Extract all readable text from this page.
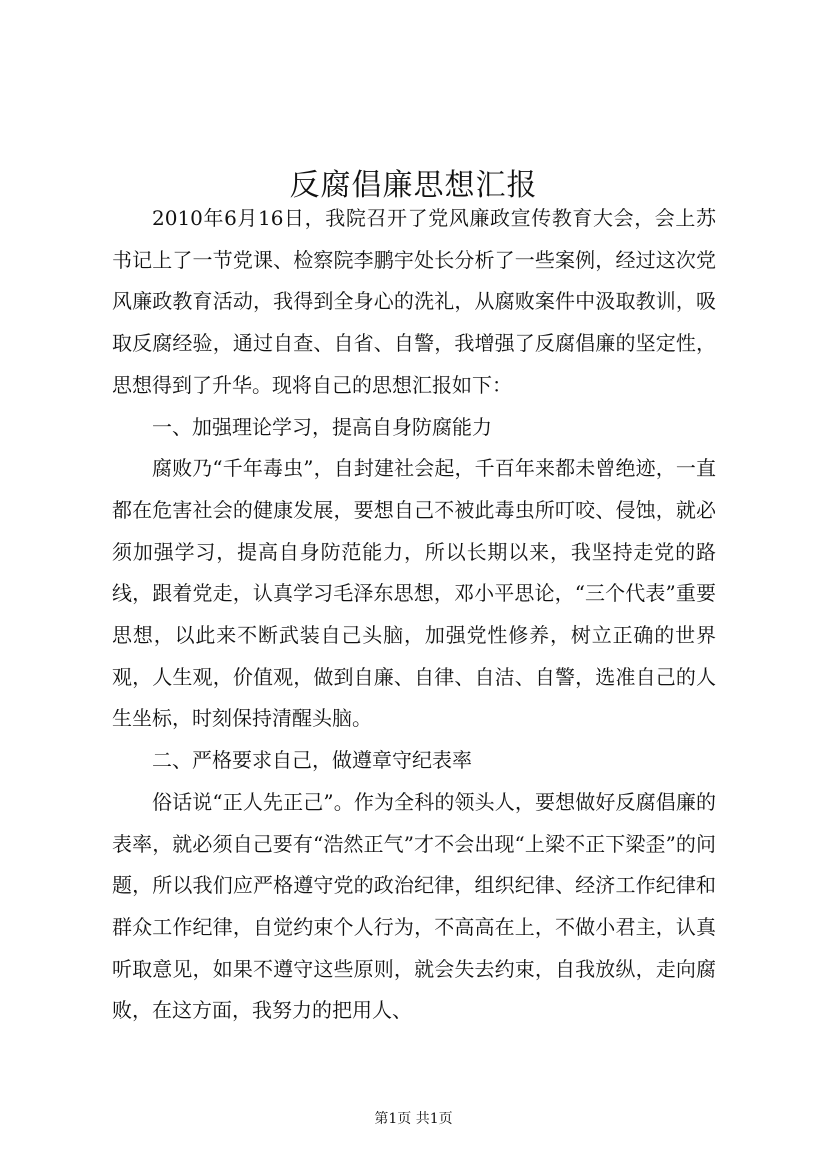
反腐倡廉思想汇报

2010年6月16日，我院召开了党风廉政宣传教育大会，会上苏书记上了一节党课、检察院李鹏宇处长分析了一些案例，经过这次党风廉政教育活动，我得到全身心的洗礼，从腐败案件中汲取教训，吸取反腐经验，通过自查、自省、自警，我增强了反腐倡廉的坚定性，思想得到了升华。现将自己的思想汇报如下：

一、加强理论学习，提高自身防腐能力

腐败乃“千年毒虫”，自封建社会起，千百年来都未曾绝迹，一直都在危害社会的健康发展，要想自己不被此毒虫所叮咬、侵蚀，就必须加强学习，提高自身防范能力，所以长期以来，我坚持走党的路线，跟着党走，认真学习毛泽东思想，邓小平思论，“三个代表”重要思想，以此来不断武装自己头脑，加强党性修养，树立正确的世界观，人生观，价值观，做到自廉、自律、自洁、自警，选准自己的人生坐标，时刻保持清醒头脑。

二、严格要求自己，做遵章守纪表率

俗话说“正人先正己”。作为全科的领头人，要想做好反腐倡廉的表率，就必须自己要有“浩然正气”才不会出现“上梁不正下梁歪”的问题，所以我们应严格遵守党的政治纪律，组织纪律、经济工作纪律和群众工作纪律，自觉约束个人行为，不高高在上，不做小君主，认真听取意见，如果不遵守这些原则，就会失去约束，自我放纵，走向腐败，在这方面，我努力的把用人、

第1页 共1页
